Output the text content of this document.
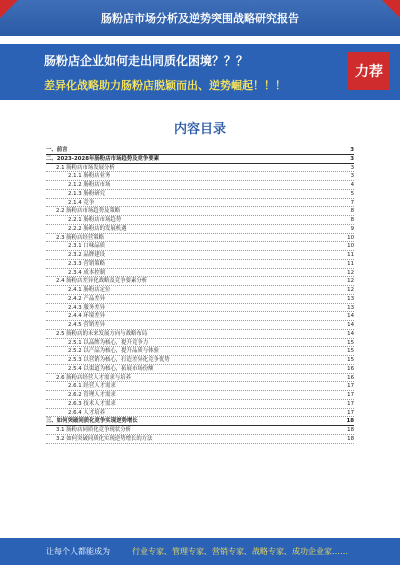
肠粉店市场分析及逆势突围战略研究报告
肠粉店企业如何走出同质化困境？？？
差异化战略助力肠粉店脱颖而出、逆势崛起！！！
力荐
内容目录
一、前言	3
二、2023-2028年肠粉店市场趋势及竞争要素	3
2.1 肠粉店市场发展分析	3
2.1.1 肠粉店业务	3
2.1.2 肠粉店市场	4
2.1.3 肠粉研究	5
2.1.4 竞争	7
2.2 肠粉店市场趋势及策略	8
2.2.1 肠粉店市场趋势	8
2.2.2 肠粉店的发展机遇	9
2.3 肠粉店经营策略	10
2.3.1 口味品质	10
2.3.2 品牌建设	11
2.3.3 营销策略	11
2.3.4 成本控制	12
2.4 肠粉店差异化战略及竞争要素分析	12
2.4.1 肠粉店定位	12
2.4.2 产品差异	13
2.4.3 服务差异	13
2.4.4 环境差异	14
2.4.5 营销差异	14
2.5 肠粉店的未来发展方向与战略布局	14
2.5.1 以品牌为核心，提升竞争力	15
2.5.2 以产品为核心，提升品质与体验	15
2.5.3 以营销为核心，打造差异化竞争优势	15
2.5.4 以渠道为核心，拓展市场份额	16
2.6 肠粉店经营人才需求与培养	16
2.6.1 经营人才需求	17
2.6.2 管理人才需求	17
2.6.3 技术人才需求	17
2.6.4 人才培养	17
三、如何突破同质化竞争实现逆势增长	18
3.1 肠粉店同质化竞争现状分析	18
3.2 如何突破同质化实现逆势增长的方法	18
让每个人都能成为	行业专家、管理专家、营销专家、战略专家、成功企业家……
